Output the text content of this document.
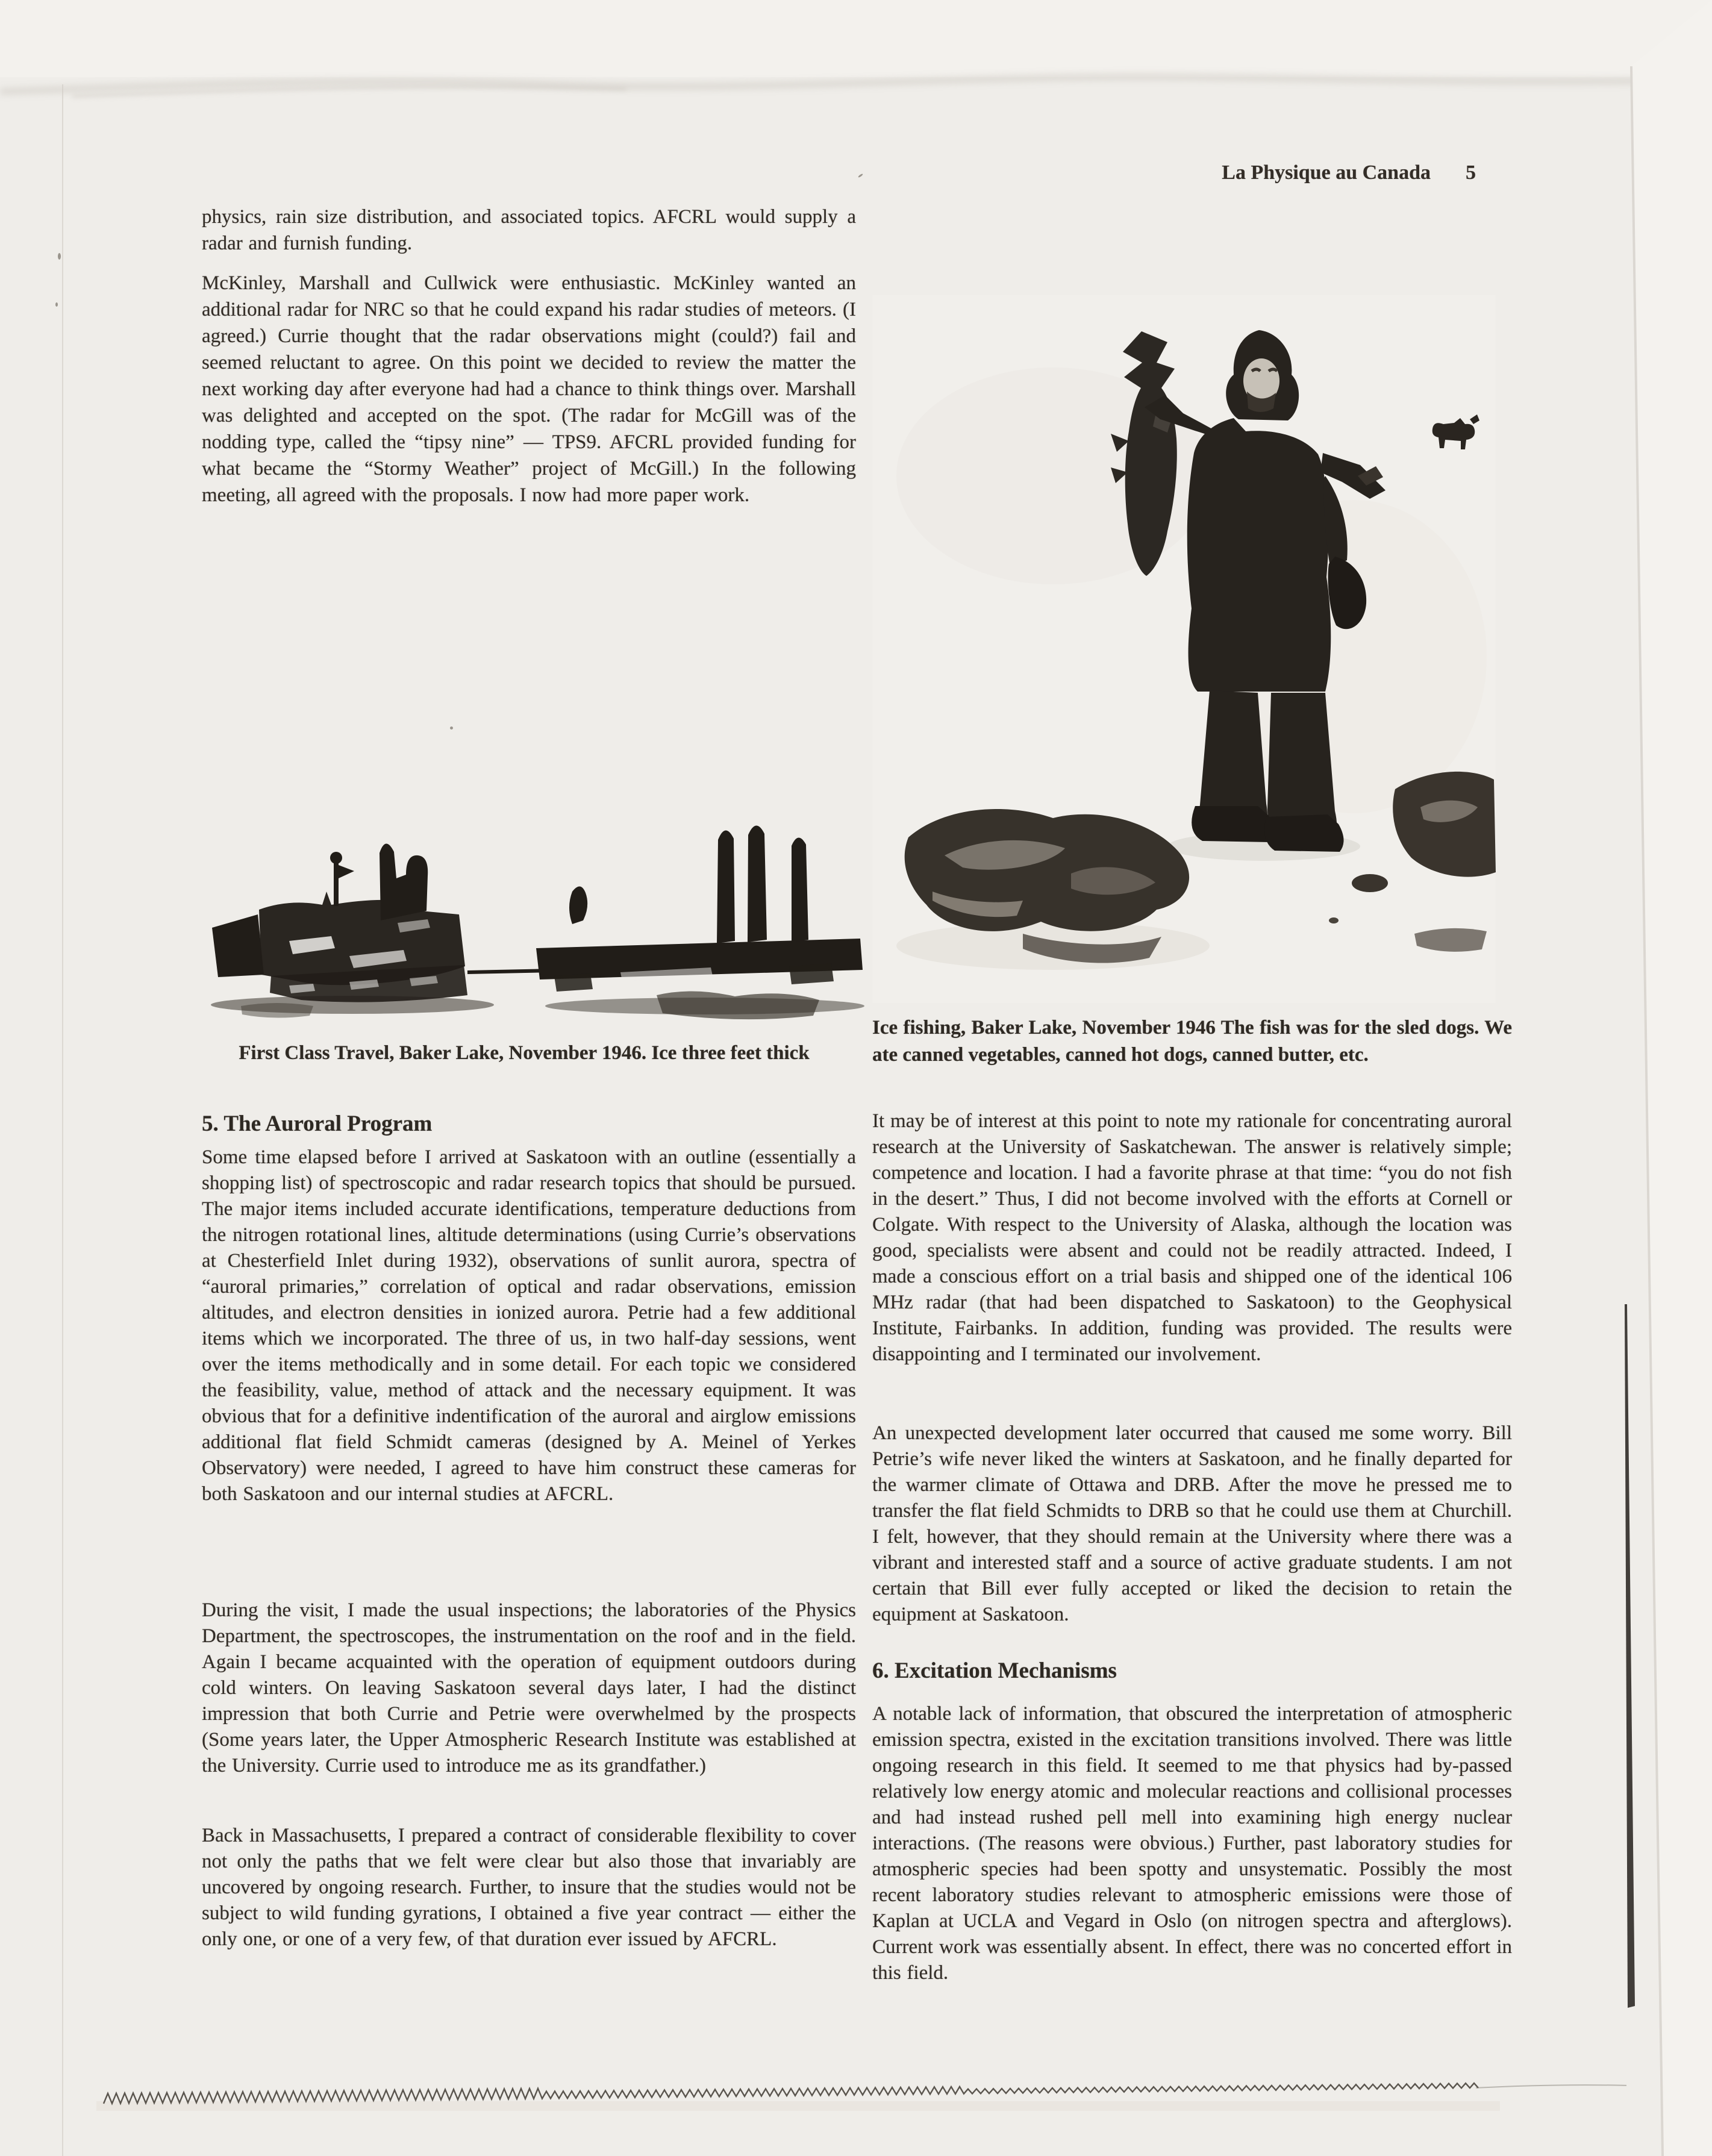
La Physique au Canada 5

physics, rain size distribution, and associated topics. AFCRL would supply a radar and furnish funding.

McKinley, Marshall and Cullwick were enthusiastic. McKinley wanted an additional radar for NRC so that he could expand his radar studies of meteors. (I agreed.) Currie thought that the radar observations might (could?) fail and seemed reluctant to agree. On this point we decided to review the matter the next working day after everyone had had a chance to think things over. Marshall was delighted and accepted on the spot. (The radar for McGill was of the nodding type, called the “tipsy nine” — TPS9. AFCRL provided funding for what became the “Stormy Weather” project of McGill.) In the following meeting, all agreed with the proposals. I now had more paper work.

First Class Travel, Baker Lake, November 1946. Ice three feet thick
5. The Auroral Program

Some time elapsed before I arrived at Saskatoon with an outline (essentially a shopping list) of spectroscopic and radar research topics that should be pursued. The major items included accurate identifications, temperature deductions from the nitrogen rotational lines, altitude determinations (using Currie’s observations at Chesterfield Inlet during 1932), observations of sunlit aurora, spectra of “auroral primaries,” correlation of optical and radar observations, emission altitudes, and electron densities in ionized aurora. Petrie had a few additional items which we incorporated. The three of us, in two half-day sessions, went over the items methodically and in some detail. For each topic we considered the feasibility, value, method of attack and the necessary equipment. It was obvious that for a definitive indentification of the auroral and airglow emissions additional flat field Schmidt cameras (designed by A. Meinel of Yerkes Observatory) were needed, I agreed to have him construct these cameras for both Saskatoon and our internal studies at AFCRL.

During the visit, I made the usual inspections; the laboratories of the Physics Department, the spectroscopes, the instrumentation on the roof and in the field. Again I became acquainted with the operation of equipment outdoors during cold winters. On leaving Saskatoon several days later, I had the distinct impression that both Currie and Petrie were overwhelmed by the prospects (Some years later, the Upper Atmospheric Research Institute was established at the University. Currie used to introduce me as its grandfather.)

Back in Massachusetts, I prepared a contract of considerable flexibility to cover not only the paths that we felt were clear but also those that invariably are uncovered by ongoing research. Further, to insure that the studies would not be subject to wild funding gyrations, I obtained a five year contract — either the only one, or one of a very few, of that duration ever issued by AFCRL.

Ice fishing, Baker Lake, November 1946 The fish was for the sled dogs. We ate canned vegetables, canned hot dogs, canned butter, etc.

It may be of interest at this point to note my rationale for concentrating auroral research at the University of Saskatchewan. The answer is relatively simple; competence and location. I had a favorite phrase at that time: “you do not fish in the desert.” Thus, I did not become involved with the efforts at Cornell or Colgate. With respect to the University of Alaska, although the location was good, specialists were absent and could not be readily attracted. Indeed, I made a conscious effort on a trial basis and shipped one of the identical 106 MHz radar (that had been dispatched to Saskatoon) to the Geophysical Institute, Fairbanks. In addition, funding was provided. The results were disappointing and I terminated our involvement.

An unexpected development later occurred that caused me some worry. Bill Petrie’s wife never liked the winters at Saskatoon, and he finally departed for the warmer climate of Ottawa and DRB. After the move he pressed me to transfer the flat field Schmidts to DRB so that he could use them at Churchill. I felt, however, that they should remain at the University where there was a vibrant and interested staff and a source of active graduate students. I am not certain that Bill ever fully accepted or liked the decision to retain the equipment at Saskatoon.

6. Excitation Mechanisms

A notable lack of information, that obscured the interpretation of atmospheric emission spectra, existed in the excitation transitions involved. There was little ongoing research in this field. It seemed to me that physics had by-passed relatively low energy atomic and molecular reactions and collisional processes and had instead rushed pell mell into examining high energy nuclear interactions. (The reasons were obvious.) Further, past laboratory studies for atmospheric species had been spotty and unsystematic. Possibly the most recent laboratory studies relevant to atmospheric emissions were those of Kaplan at UCLA and Vegard in Oslo (on nitrogen spectra and afterglows). Current work was essentially absent. In effect, there was no concerted effort in this field.
